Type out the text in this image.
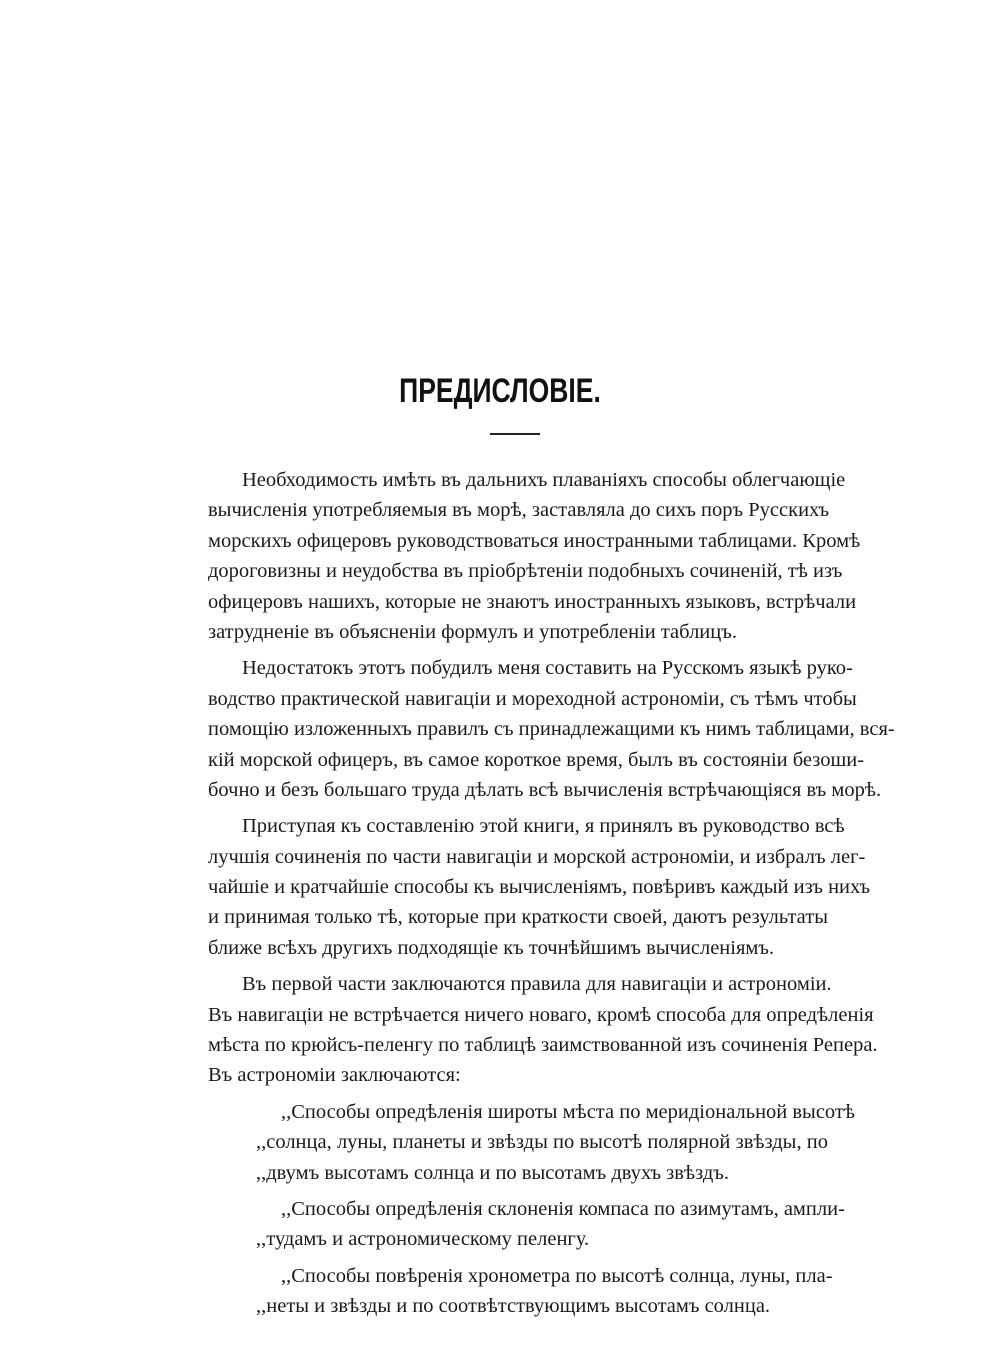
ПРЕДИСЛОВІЕ.
Необходимость имѣть въ дальнихъ плаваніяхъ способы облегчающіе
вычисленія употребляемыя въ морѣ, заставляла до сихъ поръ Русскихъ
морскихъ офицеровъ руководствоваться иностранными таблицами. Кромѣ
дороговизны и неудобства въ пріобрѣтеніи подобныхъ сочиненій, тѣ изъ
офицеровъ нашихъ, которые не знаютъ иностранныхъ языковъ, встрѣчали
затрудненіе въ объясненіи формулъ и употребленіи таблицъ.
Недостатокъ этотъ побудилъ меня составить на Русскомъ языкѣ руко-
водство практической навигаціи и мореходной астрономіи, съ тѣмъ чтобы
помощію изложенныхъ правилъ съ принадлежащими къ нимъ таблицами, вся-
кій морской офицеръ, въ самое короткое время, былъ въ состояніи безоши-
бочно и безъ большаго труда дѣлать всѣ вычисленія встрѣчающіяся въ морѣ.
Приступая къ составленію этой книги, я принялъ въ руководство всѣ
лучшія сочиненія по части навигаціи и морской астрономіи, и избралъ лег-
чайшіе и кратчайшіе способы къ вычисленіямъ, повѣривъ каждый изъ нихъ
и принимая только тѣ, которые при краткости своей, даютъ результаты
ближе всѣхъ другихъ подходящіе къ точнѣйшимъ вычисленіямъ.
Въ первой части заключаются правила для навигаціи и астрономіи.
Въ навигаціи не встрѣчается ничего новаго, кромѣ способа для опредѣленія
мѣста по крюйсъ-пеленгу по таблицѣ заимствованной изъ сочиненія Репера.
Въ астрономіи заключаются:
,,Способы опредѣленія широты мѣста по меридіональной высотѣ
,,солнца, луны, планеты и звѣзды по высотѣ полярной звѣзды, по
,,двумъ высотамъ солнца и по высотамъ двухъ звѣздъ.
,,Способы опредѣленія склоненія компаса по азимутамъ, ампли-
,,тудамъ и астрономическому пеленгу.
,,Способы повѣренія хронометра по высотѣ солнца, луны, пла-
,,неты и звѣзды и по соотвѣтствующимъ высотамъ солнца.
